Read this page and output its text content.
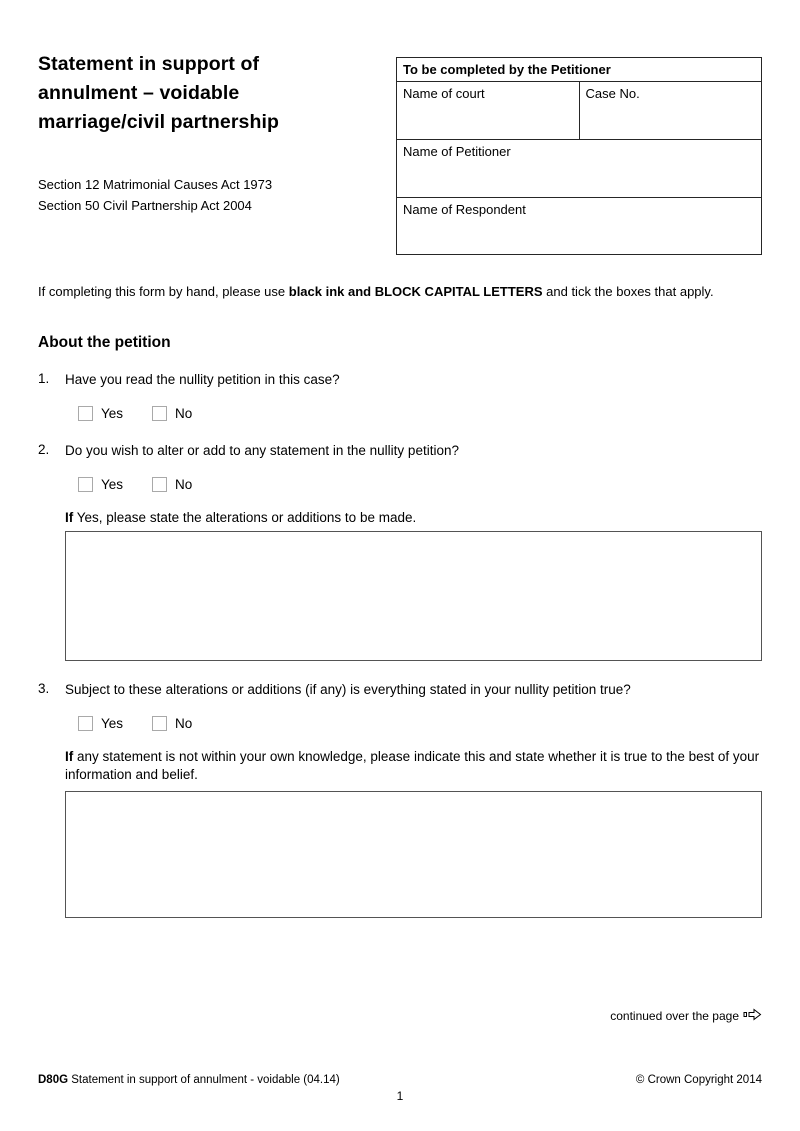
Statement in support of annulment – voidable marriage/civil partnership
Section 12 Matrimonial Causes Act 1973
Section 50 Civil Partnership Act 2004
To be completed by the Petitioner

Name of court	Case No.

Name of Petitioner

Name of Respondent
If completing this form by hand, please use black ink and BLOCK CAPITAL LETTERS and tick the boxes that apply.
About the petition
1.	Have you read the nullity petition in this case?
Yes	No
2.	Do you wish to alter or add to any statement in the nullity petition?
Yes	No
If Yes, please state the alterations or additions to be made.
3.	Subject to these alterations or additions (if any) is everything stated in your nullity petition true?
Yes	No
If any statement is not within your own knowledge, please indicate this and state whether it is true to the best of your information and belief.
continued over the page
D80G Statement in support of annulment - voidable (04.14)	© Crown Copyright 2014
1
